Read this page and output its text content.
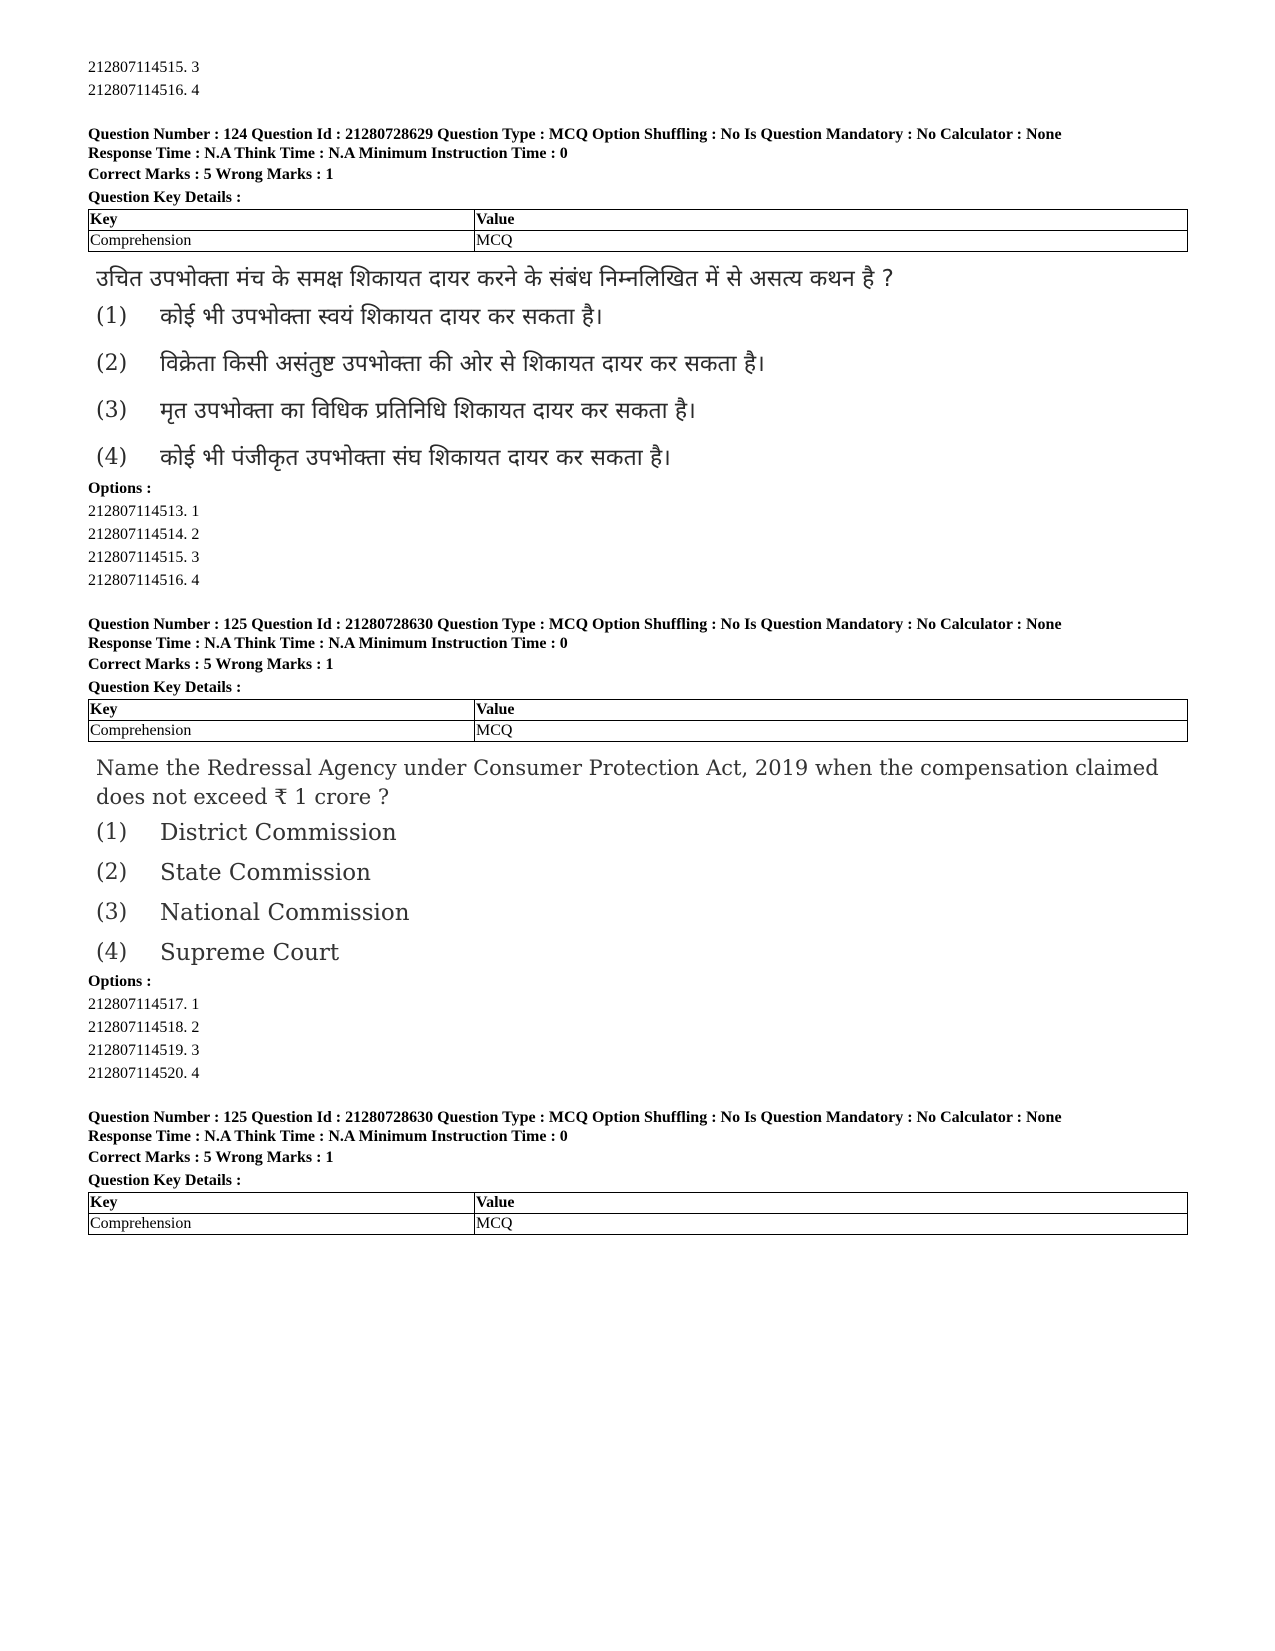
212807114515. 3
212807114516. 4
Question Number : 124 Question Id : 21280728629 Question Type : MCQ Option Shuffling : No Is Question Mandatory : No Calculator : None
Response Time : N.A Think Time : N.A Minimum Instruction Time : 0
Correct Marks : 5 Wrong Marks : 1
Question Key Details :
Key	Value
Comprehension	MCQ
उचित उपभोक्ता मंच के समक्ष शिकायत दायर करने के संबंध निम्नलिखित में से असत्य कथन है ?
(1)	कोई भी उपभोक्ता स्वयं शिकायत दायर कर सकता है।
(2)	विक्रेता किसी असंतुष्ट उपभोक्ता की ओर से शिकायत दायर कर सकता है।
(3)	मृत उपभोक्ता का विधिक प्रतिनिधि शिकायत दायर कर सकता है।
(4)	कोई भी पंजीकृत उपभोक्ता संघ शिकायत दायर कर सकता है।
Options :
212807114513. 1
212807114514. 2
212807114515. 3
212807114516. 4
Question Number : 125 Question Id : 21280728630 Question Type : MCQ Option Shuffling : No Is Question Mandatory : No Calculator : None
Response Time : N.A Think Time : N.A Minimum Instruction Time : 0
Correct Marks : 5 Wrong Marks : 1
Question Key Details :
Key	Value
Comprehension	MCQ
Name the Redressal Agency under Consumer Protection Act, 2019 when the compensation claimed
does not exceed ₹ 1 crore ?
(1)	District Commission
(2)	State Commission
(3)	National Commission
(4)	Supreme Court
Options :
212807114517. 1
212807114518. 2
212807114519. 3
212807114520. 4
Question Number : 125 Question Id : 21280728630 Question Type : MCQ Option Shuffling : No Is Question Mandatory : No Calculator : None
Response Time : N.A Think Time : N.A Minimum Instruction Time : 0
Correct Marks : 5 Wrong Marks : 1
Question Key Details :
Key	Value
Comprehension	MCQ
